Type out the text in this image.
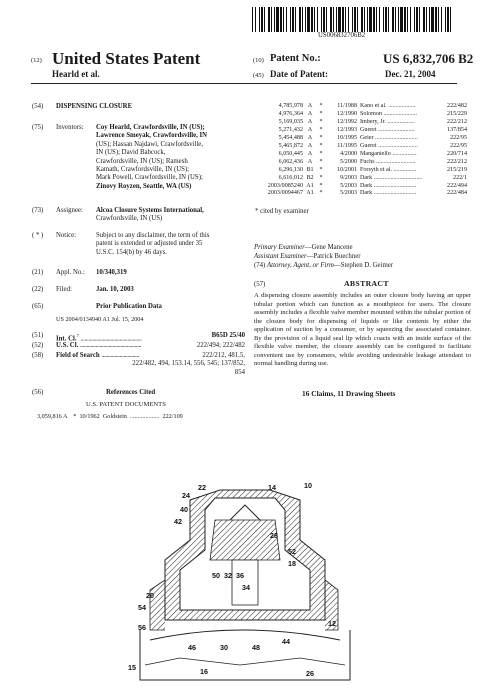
US006832706B2
(12) United States Patent
Hearld et al.
(10) Patent No.:	US 6,832,706 B2
(45) Date of Patent:	Dec. 21, 2004
(54) DISPENSING CLOSURE
(75) Inventors: Coy Hearld, Crawfordsville, IN (US);
Lawrence Smeyak, Crawfordsville, IN
(US); Hassan Najdawi, Crawfordsville,
IN (US); David Babcock,
Crawfordsville, IN (US); Ramesh
Kamath, Crawfordsville, IN (US);
Mark Powell, Crawfordsville, IN (US);
Zinovy Royzen, Seattle, WA (US)
(73) Assignee: Alcoa Closure Systems International,
Crawfordsville, IN (US)
( * ) Notice:	Subject to any disclaimer, the term of this
patent is extended or adjusted under 35
U.S.C. 154(b) by 46 days.
(21) Appl. No.: 10/340,319
(22) Filed:	Jan. 10, 2003
(65)	Prior Publication Data
US 2004/0134940 A1 Jul. 15, 2004
(51) Int. Cl.$^7$ ...............................................	B65D 25/40
(52) U.S. Cl. ...............................................	222/494; 222/482
(58) Field of Search .............................	222/212, 481.5,
222/482, 494, 153.14, 556, 545; 137/852,
854
(56)	References Cited
U.S. PATENT DOCUMENTS
3,059,816 A    *  10/1962  Goldstein  ...................  222/109
4,785,978 A	*	11/1988 Kano et al. ..................	222/482
4,976,364 A	*	12/1990 Solomon ......................	215/229
5,169,035 A	*	12/1992 Imbery, Jr. ..................	222/212
5,271,432 A	*	12/1993 Gueret ........................	137/854
5,454,488 A	*	10/1995 Geier ............................	222/95
5,465,872 A	*	11/1995 Gueret ..........................	222/95
6,050,445 A	*	4/2000 Manganiello ................	220/714
6,062,436 A	*	5/2000 Fuchs ..........................	222/212
6,296,130 B1 *	10/2001 Forsyth et al. ...............	215/219
6,616,012 B2 *	9/2003 Dark ................................	222/1
2003/0085240 A1 *	5/2003 Dark ............................	222/494
2003/0094467 A1 *	5/2003 Dark ............................	222/484
* cited by examiner
Primary Examiner—Gene Mancene
Assistant Examiner—Patrick Buechner
(74) Attorney, Agent, or Firm—Stephen D. Geimer
(57)	ABSTRACT
A dispensing closure assembly includes an outer closure body having an upper tubular portion which can function as a mouthpiece for users. The closure assembly includes a flexible valve member mounted within the tubular portion of the closure body for dispensing of liquids or like contents by either the application of suction by a consumer, or by squeezing the associated container. By the provision of a liquid seal lip which coacts with an inside surface of the flexible valve member, the closure assembly can be configured to facilitate convenient use by consumers, while avoiding undesirable leakage attendant to normal handling during use.
16 Claims, 11 Drawing Sheets
22
24
14	10
40
42
28
52
18
50 32 36
34
20
54
12
56
46	30	48
44
15	16	26
